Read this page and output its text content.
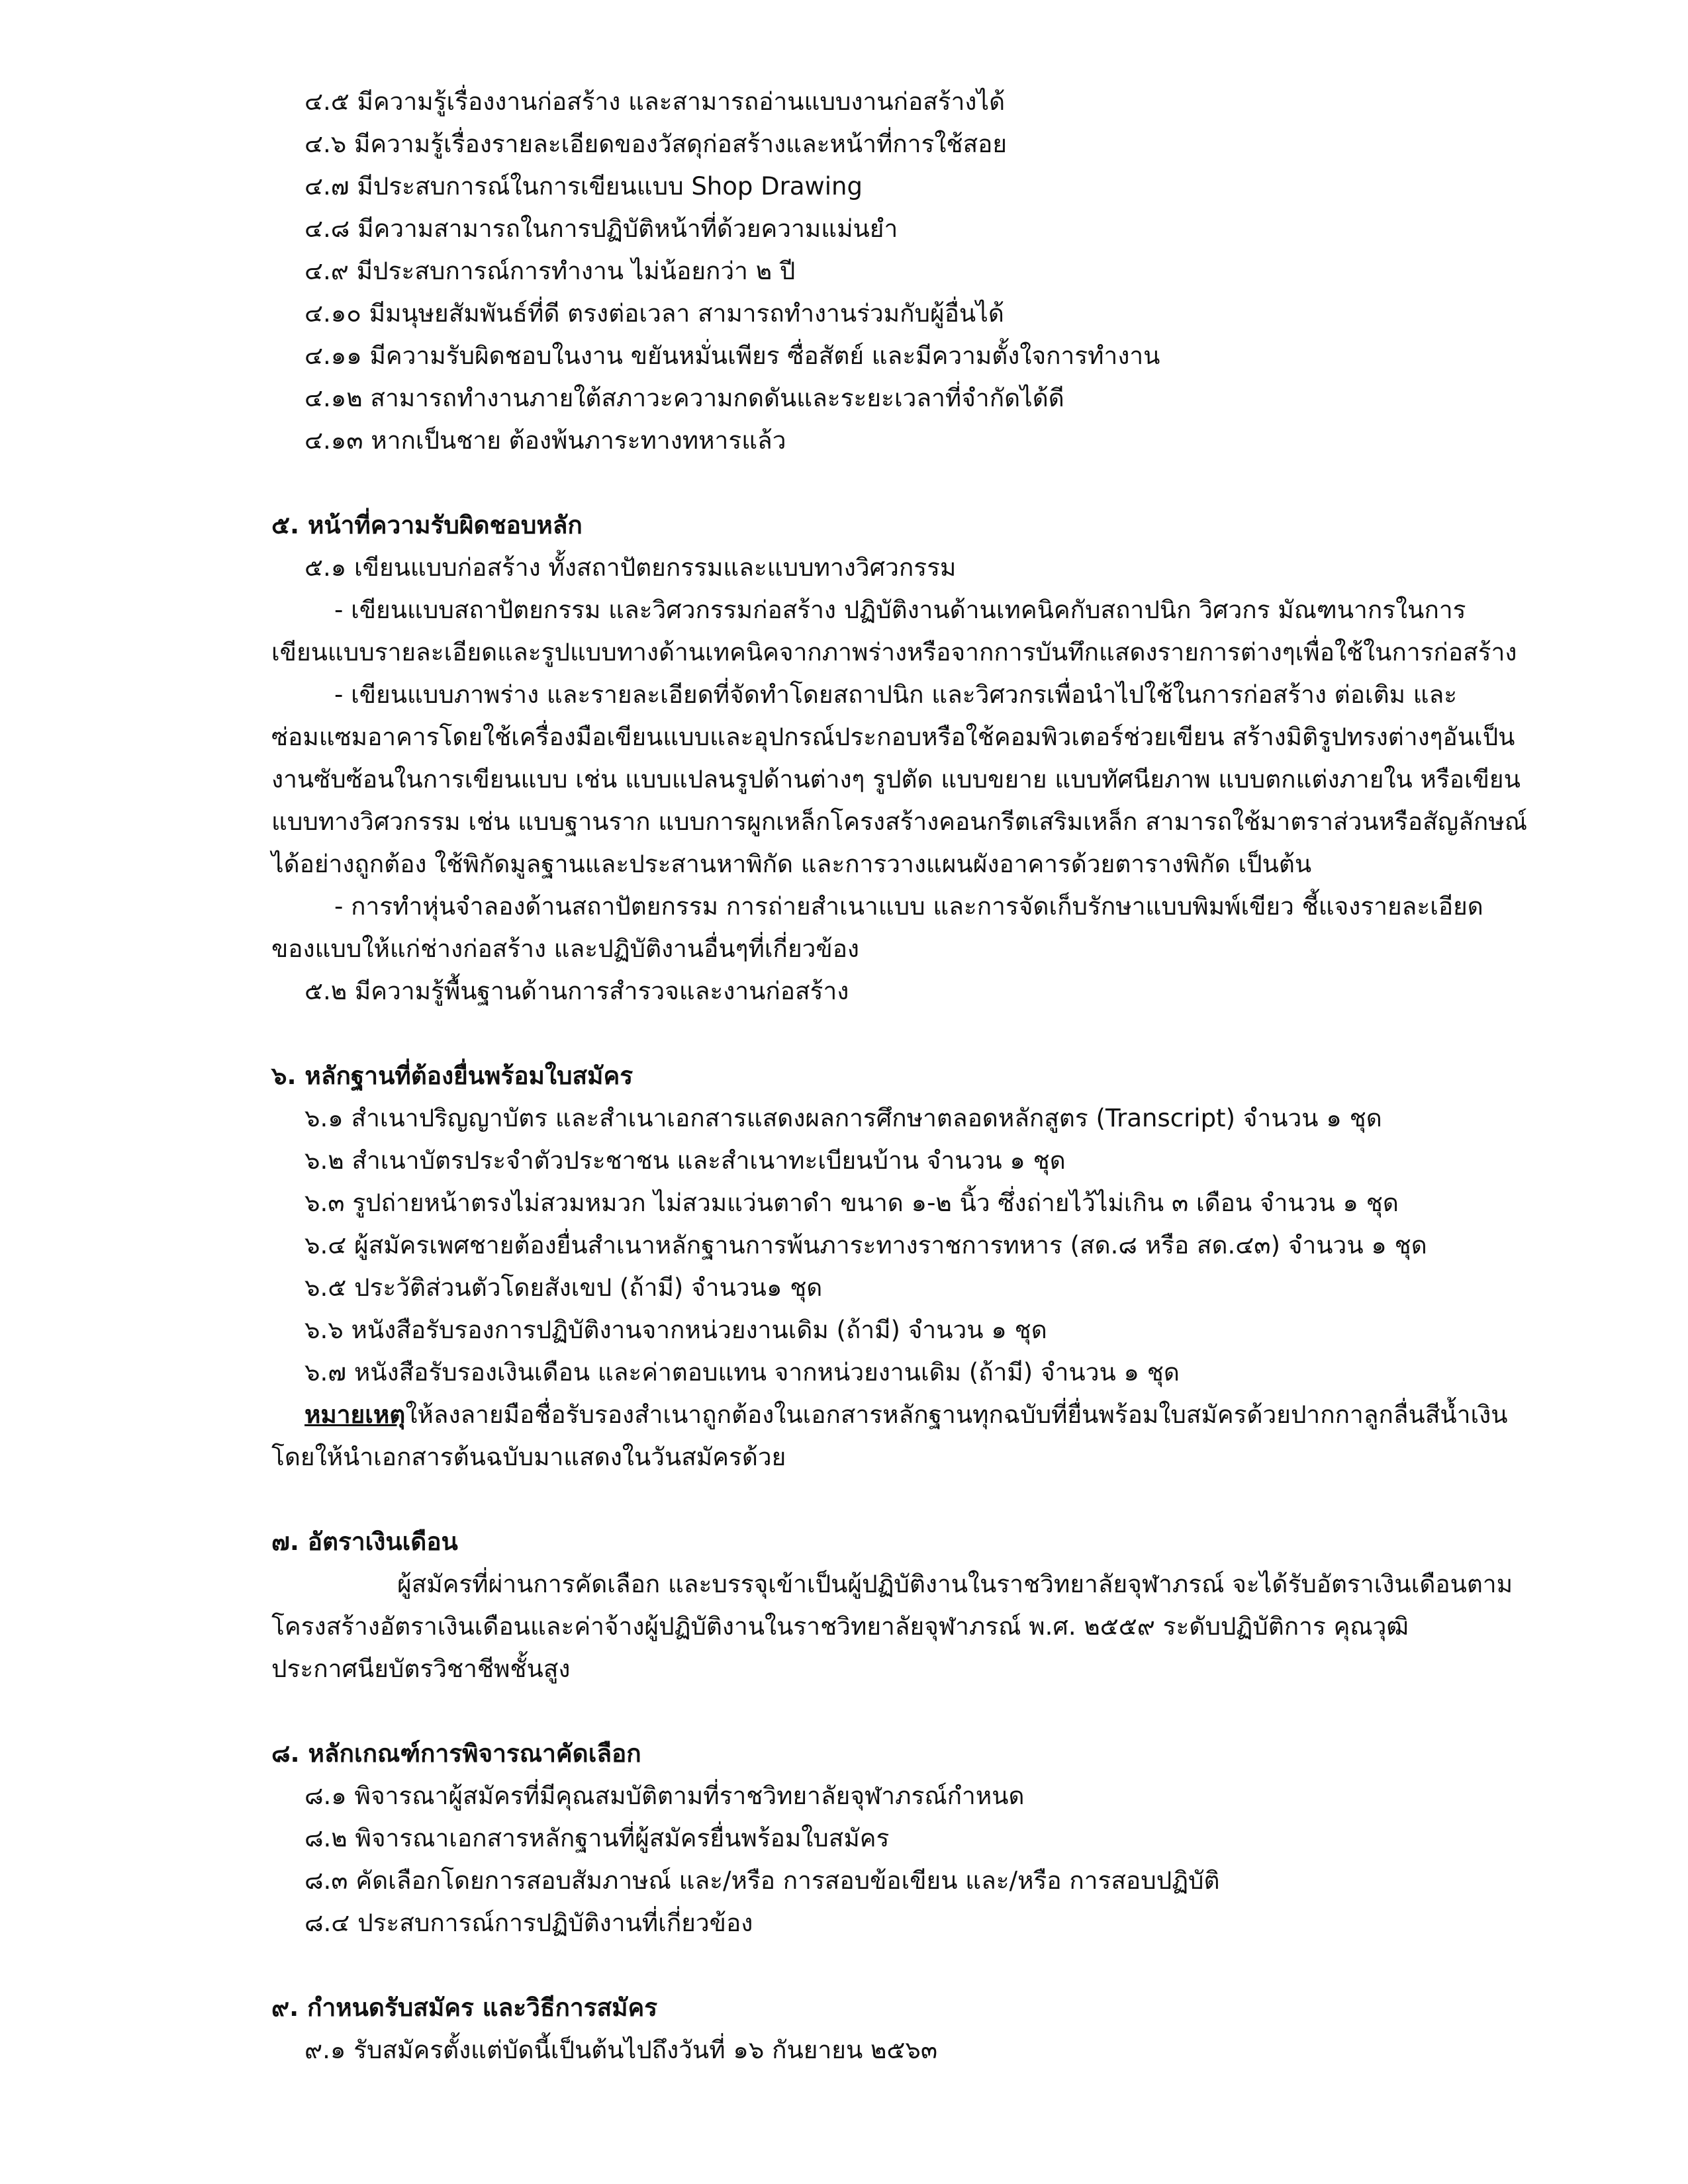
๔.๕ มีความรู้เรื่องงานก่อสร้าง และสามารถอ่านแบบงานก่อสร้างได้
๔.๖ มีความรู้เรื่องรายละเอียดของวัสดุก่อสร้างและหน้าที่การใช้สอย
๔.๗ มีประสบการณ์ในการเขียนแบบ Shop Drawing
๔.๘ มีความสามารถในการปฏิบัติหน้าที่ด้วยความแม่นยำ
๔.๙ มีประสบการณ์การทำงาน ไม่น้อยกว่า ๒ ปี
๔.๑๐ มีมนุษยสัมพันธ์ที่ดี ตรงต่อเวลา สามารถทำงานร่วมกับผู้อื่นได้
๔.๑๑ มีความรับผิดชอบในงาน ขยันหมั่นเพียร ซื่อสัตย์ และมีความตั้งใจการทำงาน
๔.๑๒ สามารถทำงานภายใต้สภาวะความกดดันและระยะเวลาที่จำกัดได้ดี
๔.๑๓ หากเป็นชาย ต้องพ้นภาระทางทหารแล้ว
๕. หน้าที่ความรับผิดชอบหลัก
๕.๑ เขียนแบบก่อสร้าง ทั้งสถาปัตยกรรมและแบบทางวิศวกรรม
- เขียนแบบสถาปัตยกรรม และวิศวกรรมก่อสร้าง ปฏิบัติงานด้านเทคนิคกับสถาปนิก วิศวกร มัณฑนากรในการ
เขียนแบบรายละเอียดและรูปแบบทางด้านเทคนิคจากภาพร่างหรือจากการบันทึกแสดงรายการต่างๆเพื่อใช้ในการก่อสร้าง
- เขียนแบบภาพร่าง และรายละเอียดที่จัดทำโดยสถาปนิก และวิศวกรเพื่อนำไปใช้ในการก่อสร้าง ต่อเติม และ
ซ่อมแซมอาคารโดยใช้เครื่องมือเขียนแบบและอุปกรณ์ประกอบหรือใช้คอมพิวเตอร์ช่วยเขียน สร้างมิติรูปทรงต่างๆอันเป็น
งานซับซ้อนในการเขียนแบบ เช่น แบบแปลนรูปด้านต่างๆ รูปตัด แบบขยาย แบบทัศนียภาพ แบบตกแต่งภายใน หรือเขียน
แบบทางวิศวกรรม เช่น แบบฐานราก แบบการผูกเหล็กโครงสร้างคอนกรีตเสริมเหล็ก สามารถใช้มาตราส่วนหรือสัญลักษณ์
ได้อย่างถูกต้อง ใช้พิกัดมูลฐานและประสานหาพิกัด และการวางแผนผังอาคารด้วยตารางพิกัด เป็นต้น
- การทำหุ่นจำลองด้านสถาปัตยกรรม การถ่ายสำเนาแบบ และการจัดเก็บรักษาแบบพิมพ์เขียว ชี้แจงรายละเอียด
ของแบบให้แก่ช่างก่อสร้าง และปฏิบัติงานอื่นๆที่เกี่ยวข้อง
๕.๒ มีความรู้พื้นฐานด้านการสำรวจและงานก่อสร้าง
๖. หลักฐานที่ต้องยื่นพร้อมใบสมัคร
๖.๑ สำเนาปริญญาบัตร และสำเนาเอกสารแสดงผลการศึกษาตลอดหลักสูตร (Transcript) จำนวน ๑ ชุด
๖.๒ สำเนาบัตรประจำตัวประชาชน และสำเนาทะเบียนบ้าน จำนวน ๑ ชุด
๖.๓ รูปถ่ายหน้าตรงไม่สวมหมวก ไม่สวมแว่นตาดำ ขนาด ๑-๒ นิ้ว ซึ่งถ่ายไว้ไม่เกิน ๓ เดือน จำนวน ๑ ชุด
๖.๔ ผู้สมัครเพศชายต้องยื่นสำเนาหลักฐานการพ้นภาระทางราชการทหาร (สด.๘ หรือ สด.๔๓) จำนวน ๑ ชุด
๖.๕ ประวัติส่วนตัวโดยสังเขป (ถ้ามี) จำนวน๑ ชุด
๖.๖ หนังสือรับรองการปฏิบัติงานจากหน่วยงานเดิม (ถ้ามี) จำนวน ๑ ชุด
๖.๗ หนังสือรับรองเงินเดือน และค่าตอบแทน จากหน่วยงานเดิม (ถ้ามี) จำนวน ๑ ชุด
หมายเหตุให้ลงลายมือชื่อรับรองสำเนาถูกต้องในเอกสารหลักฐานทุกฉบับที่ยื่นพร้อมใบสมัครด้วยปากกาลูกลื่นสีน้ำเงิน
โดยให้นำเอกสารต้นฉบับมาแสดงในวันสมัครด้วย
๗. อัตราเงินเดือน
ผู้สมัครที่ผ่านการคัดเลือก และบรรจุเข้าเป็นผู้ปฏิบัติงานในราชวิทยาลัยจุฬาภรณ์ จะได้รับอัตราเงินเดือนตาม
โครงสร้างอัตราเงินเดือนและค่าจ้างผู้ปฏิบัติงานในราชวิทยาลัยจุฬาภรณ์ พ.ศ. ๒๕๕๙ ระดับปฏิบัติการ คุณวุฒิ
ประกาศนียบัตรวิชาชีพชั้นสูง
๘. หลักเกณฑ์การพิจารณาคัดเลือก
๘.๑ พิจารณาผู้สมัครที่มีคุณสมบัติตามที่ราชวิทยาลัยจุฬาภรณ์กำหนด
๘.๒ พิจารณาเอกสารหลักฐานที่ผู้สมัครยื่นพร้อมใบสมัคร
๘.๓ คัดเลือกโดยการสอบสัมภาษณ์ และ/หรือ การสอบข้อเขียน และ/หรือ การสอบปฏิบัติ
๘.๔ ประสบการณ์การปฏิบัติงานที่เกี่ยวข้อง
๙. กำหนดรับสมัคร และวิธีการสมัคร
๙.๑ รับสมัครตั้งแต่บัดนี้เป็นต้นไปถึงวันที่ ๑๖ กันยายน ๒๕๖๓
